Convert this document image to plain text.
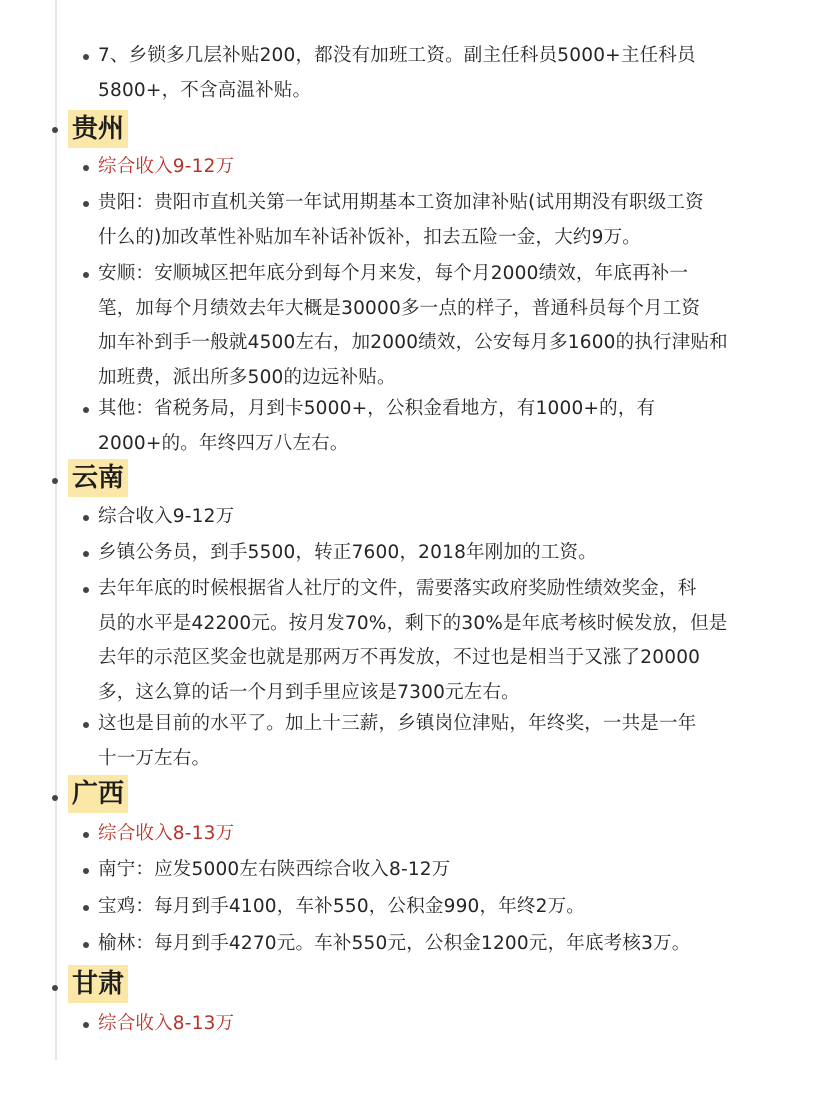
7、乡锁多几层补贴200，都没有加班工资。副主任科员5000+主任科员
5800+，不含高温补贴。
贵州
综合收入9-12万
贵阳：贵阳市直机关第一年试用期基本工资加津补贴(试用期没有职级工资
什么的)加改革性补贴加车补话补饭补，扣去五险一金，大约9万。
安顺：安顺城区把年底分到每个月来发，每个月2000绩效，年底再补一
笔，加每个月绩效去年大概是30000多一点的样子，普通科员每个月工资
加车补到手一般就4500左右，加2000绩效，公安每月多1600的执行津贴和
加班费，派出所多500的边远补贴。
其他：省税务局，月到卡5000+，公积金看地方，有1000+的，有
2000+的。年终四万八左右。
云南
综合收入9-12万
乡镇公务员，到手5500，转正7600，2018年刚加的工资。
去年年底的时候根据省人社厅的文件，需要落实政府奖励性绩效奖金，科
员的水平是42200元。按月发70%，剩下的30%是年底考核时候发放，但是
去年的示范区奖金也就是那两万不再发放，不过也是相当于又涨了20000
多，这么算的话一个月到手里应该是7300元左右。
这也是目前的水平了。加上十三薪，乡镇岗位津贴，年终奖，一共是一年
十一万左右。
广西
综合收入8-13万
南宁：应发5000左右陕西综合收入8-12万
宝鸡：每月到手4100，车补550，公积金990，年终2万。
榆林：每月到手4270元。车补550元，公积金1200元，年底考核3万。
甘肃
综合收入8-13万
